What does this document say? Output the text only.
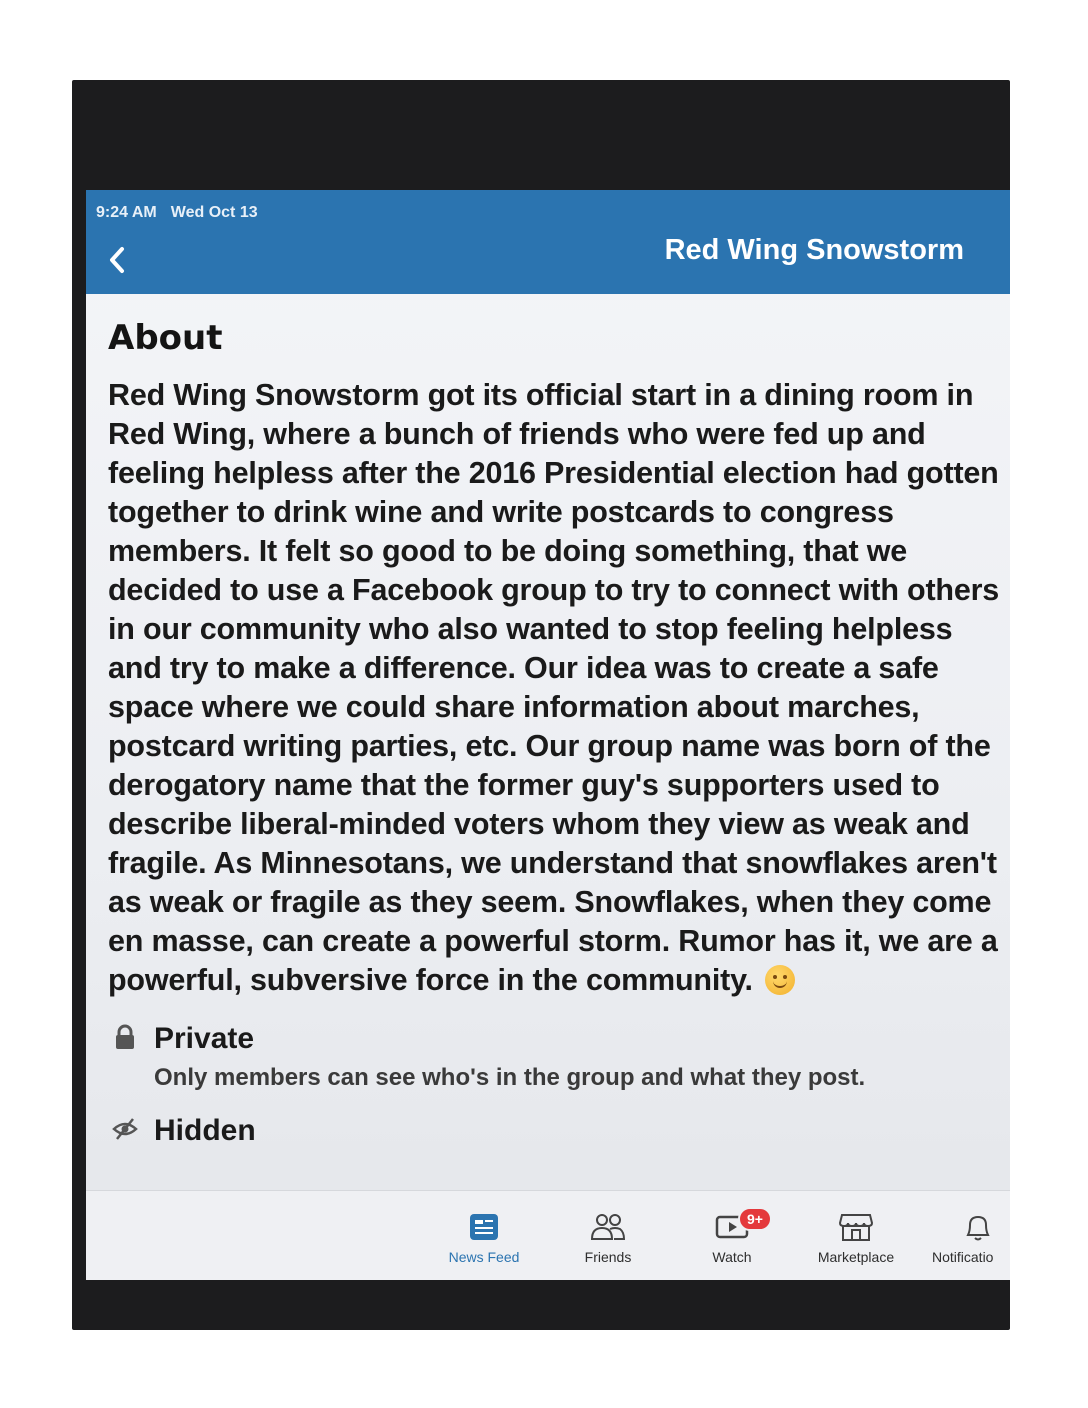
9:24 AM Wed Oct 13
Red Wing Snowstorm
About

Red Wing Snowstorm got its official start in a dining room in Red Wing, where a bunch of friends who were fed up and feeling helpless after the 2016 Presidential election had gotten together to drink wine and write postcards to congress members. It felt so good to be doing something, that we decided to use a Facebook group to try to connect with others in our community who also wanted to stop feeling helpless and try to make a difference. Our idea was to create a safe space where we could share information about marches, postcard writing parties, etc. Our group name was born of the derogatory name that the former guy's supporters used to describe liberal-minded voters whom they view as weak and fragile. As Minnesotans, we understand that snowflakes aren't as weak or fragile as they seem. Snowflakes, when they come en masse, can create a powerful storm. Rumor has it, we are a powerful, subversive force in the community.

Private
Only members can see who's in the group and what they post.
Hidden
News Feed	Friends
9+
Watch	Marketplace	Notificatio
